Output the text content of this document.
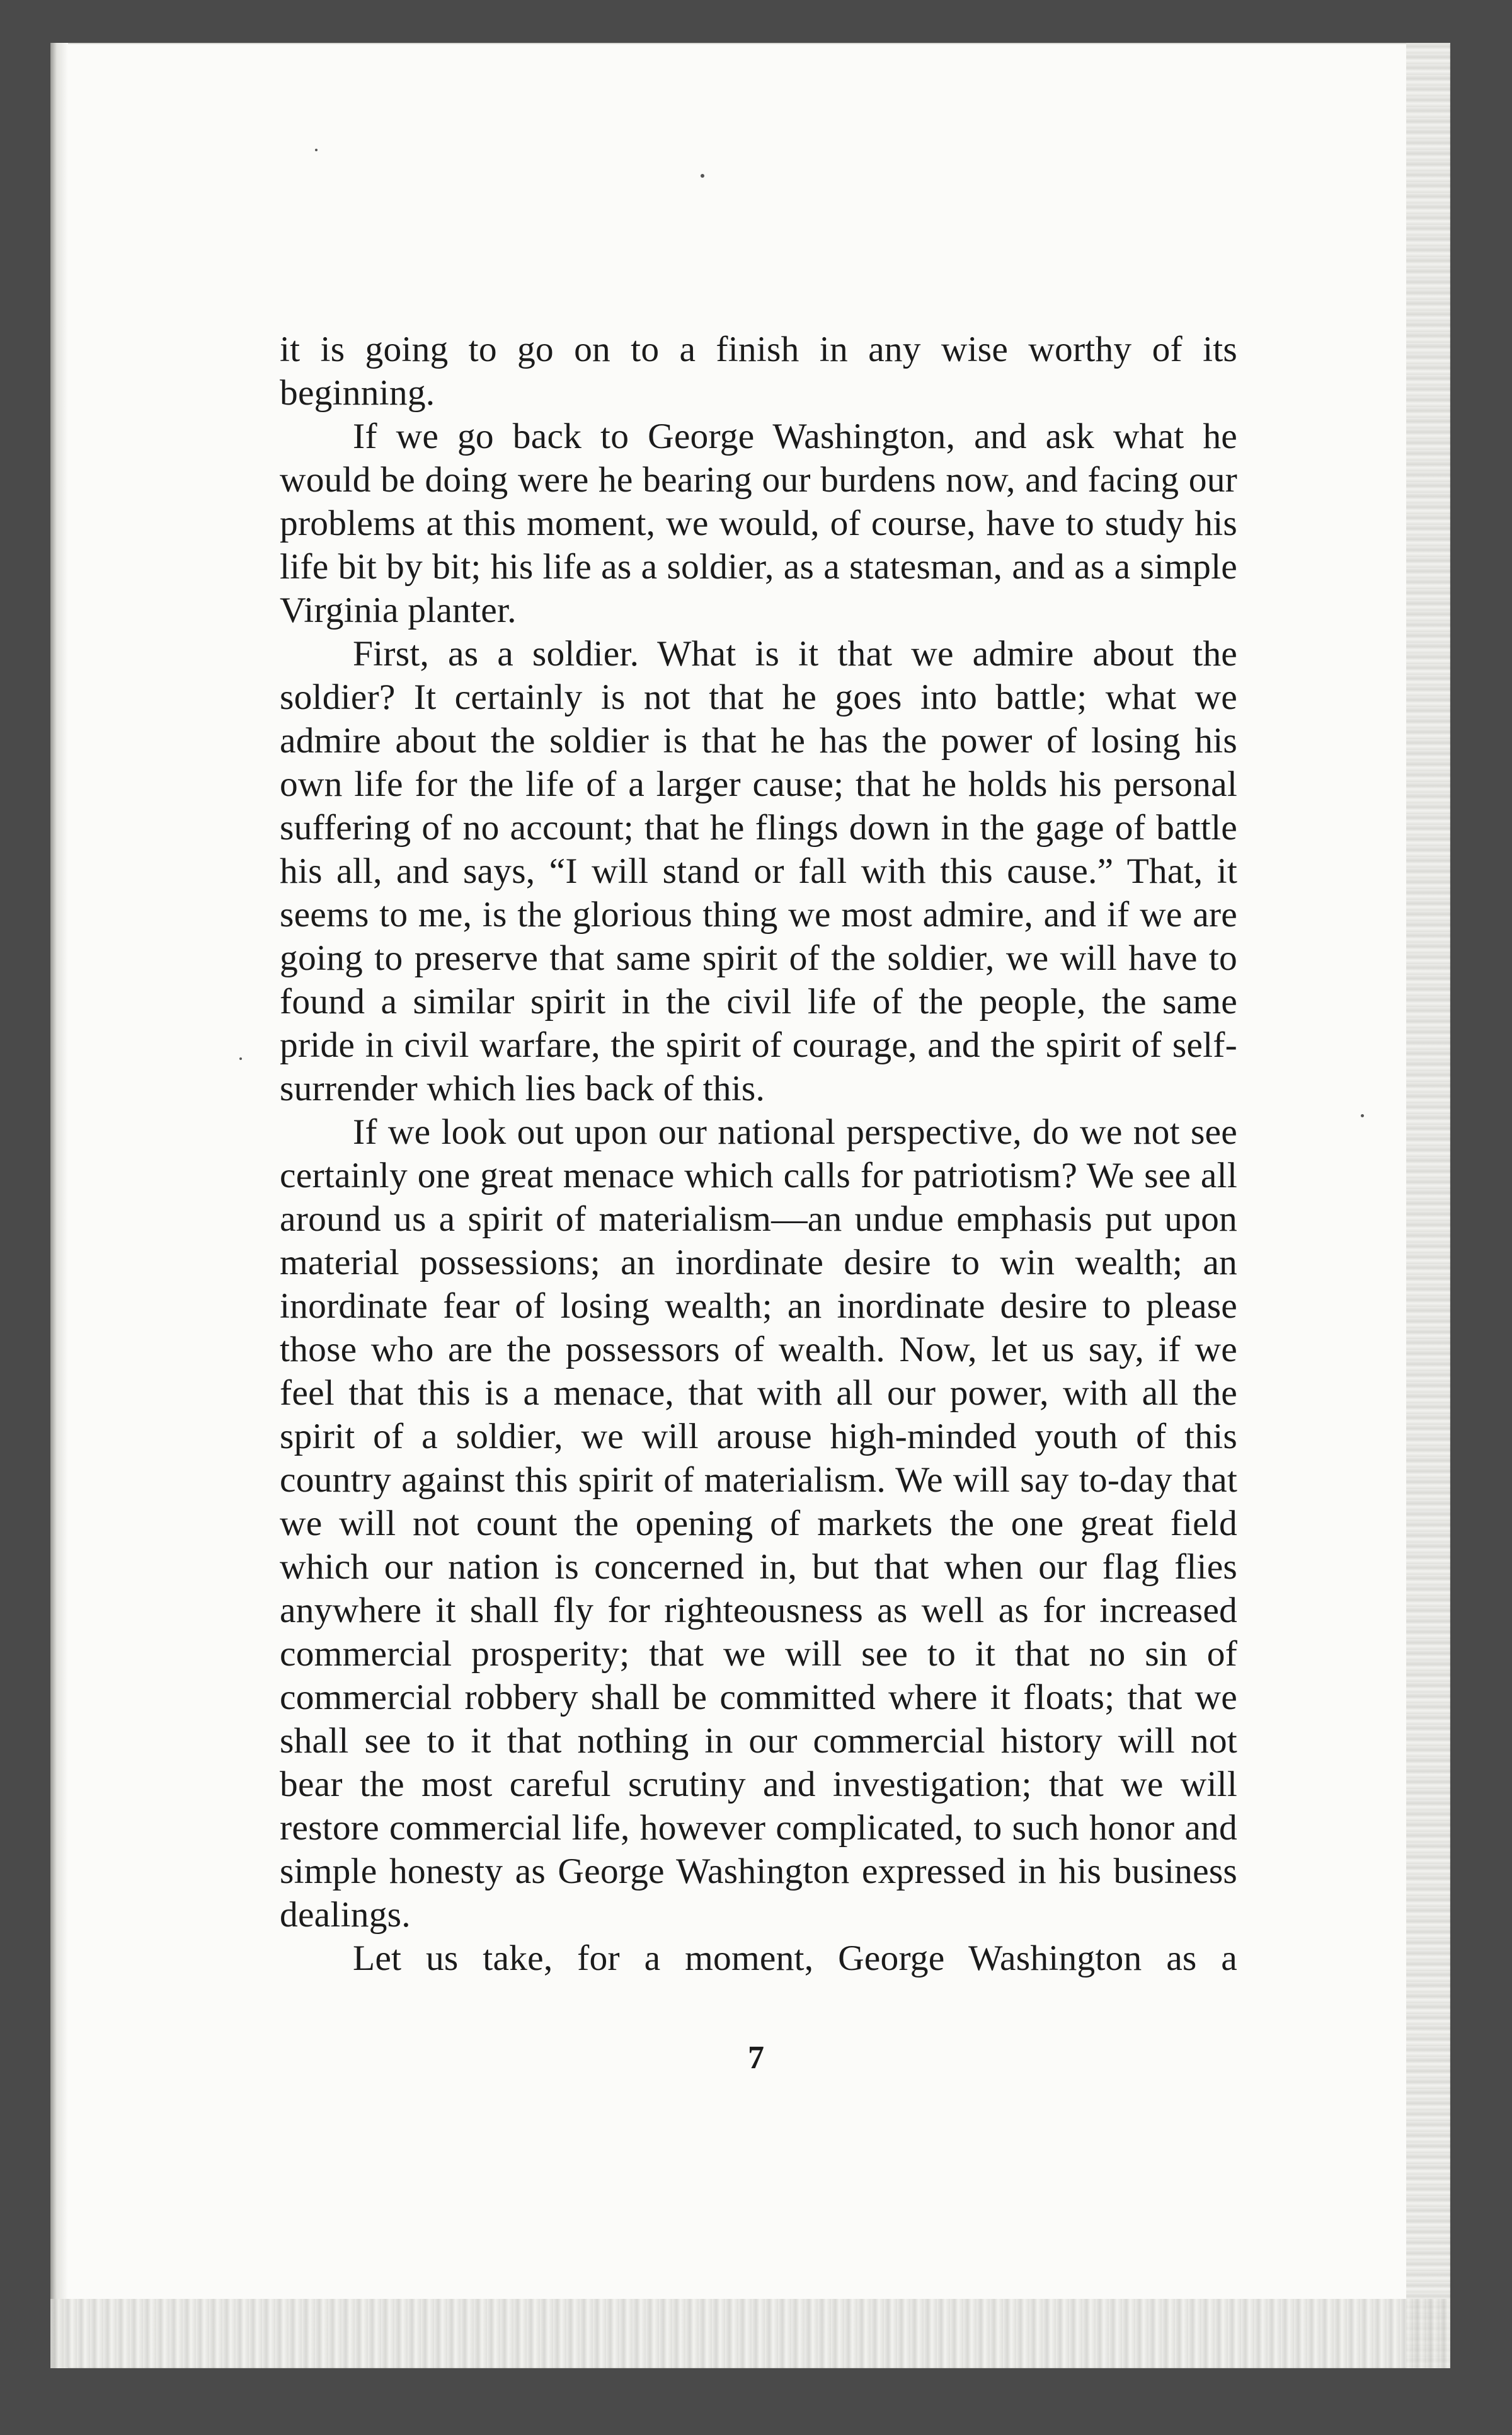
it is going to go on to a finish in any wise worthy of its beginning.

If we go back to George Washington, and ask what he would be doing were he bearing our burdens now, and facing our problems at this moment, we would, of course, have to study his life bit by bit; his life as a soldier, as a statesman, and as a simple Virginia planter.

First, as a soldier. What is it that we admire about the soldier? It certainly is not that he goes into battle; what we admire about the soldier is that he has the power of losing his own life for the life of a larger cause; that he holds his personal suffering of no account; that he flings down in the gage of battle his all, and says, “I will stand or fall with this cause.” That, it seems to me, is the glorious thing we most admire, and if we are going to preserve that same spirit of the soldier, we will have to found a similar spirit in the civil life of the people, the same pride in civil warfare, the spirit of courage, and the spirit of self-surrender which lies back of this.

If we look out upon our national perspective, do we not see certainly one great menace which calls for patriotism? We see all around us a spirit of materialism—an undue emphasis put upon material possessions; an inordinate desire to win wealth; an inordinate fear of losing wealth; an inordinate desire to please those who are the possessors of wealth. Now, let us say, if we feel that this is a menace, that with all our power, with all the spirit of a soldier, we will arouse high-minded youth of this country against this spirit of materialism. We will say to-day that we will not count the opening of markets the one great field which our nation is concerned in, but that when our flag flies anywhere it shall fly for righteousness as well as for increased commercial prosperity; that we will see to it that no sin of commercial robbery shall be committed where it floats; that we shall see to it that nothing in our commercial history will not bear the most careful scrutiny and investigation; that we will restore commercial life, however complicated, to such honor and simple honesty as George Washington expressed in his business dealings.

Let us take, for a moment, George Washington as a

7
